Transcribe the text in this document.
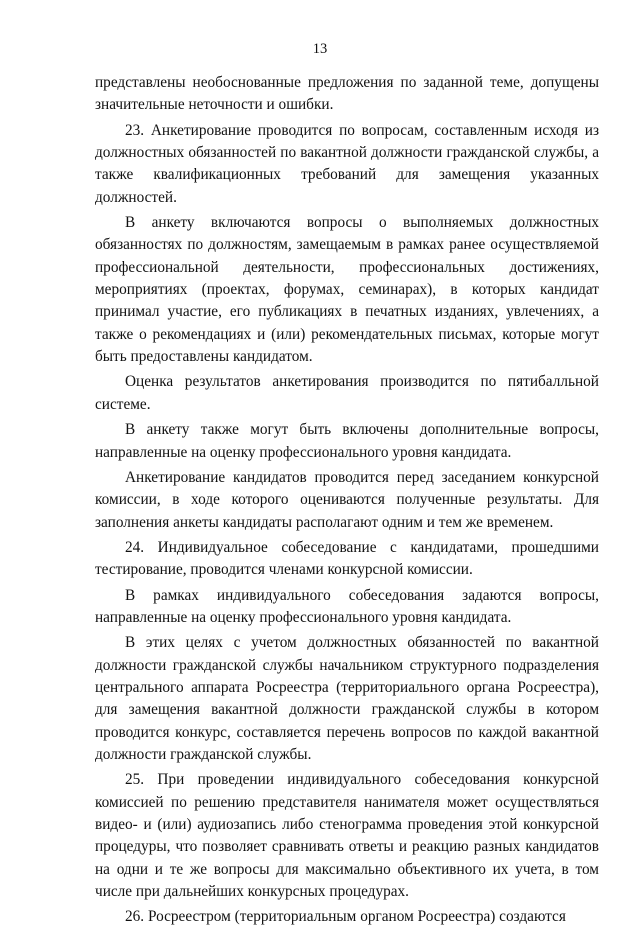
13

представлены необоснованные предложения по заданной теме, допущены значительные неточности и ошибки.

23. Анкетирование проводится по вопросам, составленным исходя из должностных обязанностей по вакантной должности гражданской службы, а также квалификационных требований для замещения указанных должностей.

В анкету включаются вопросы о выполняемых должностных обязанностях по должностям, замещаемым в рамках ранее осуществляемой профессиональной деятельности, профессиональных достижениях, мероприятиях (проектах, форумах, семинарах), в которых кандидат принимал участие, его публикациях в печатных изданиях, увлечениях, а также о рекомендациях и (или) рекомендательных письмах, которые могут быть предоставлены кандидатом.

Оценка результатов анкетирования производится по пятибалльной системе.

В анкету также могут быть включены дополнительные вопросы, направленные на оценку профессионального уровня кандидата.

Анкетирование кандидатов проводится перед заседанием конкурсной комиссии, в ходе которого оцениваются полученные результаты. Для заполнения анкеты кандидаты располагают одним и тем же временем.

24. Индивидуальное собеседование с кандидатами, прошедшими тестирование, проводится членами конкурсной комиссии.

В рамках индивидуального собеседования задаются вопросы, направленные на оценку профессионального уровня кандидата.

В этих целях с учетом должностных обязанностей по вакантной должности гражданской службы начальником структурного подразделения центрального аппарата Росреестра (территориального органа Росреестра), для замещения вакантной должности гражданской службы в котором проводится конкурс, составляется перечень вопросов по каждой вакантной должности гражданской службы.

25. При проведении индивидуального собеседования конкурсной комиссией по решению представителя нанимателя может осуществляться видео- и (или) аудиозапись либо стенограмма проведения этой конкурсной процедуры, что позволяет сравнивать ответы и реакцию разных кандидатов на одни и те же вопросы для максимально объективного их учета, в том числе при дальнейших конкурсных процедурах.

26. Росреестром (территориальным органом Росреестра) создаются
